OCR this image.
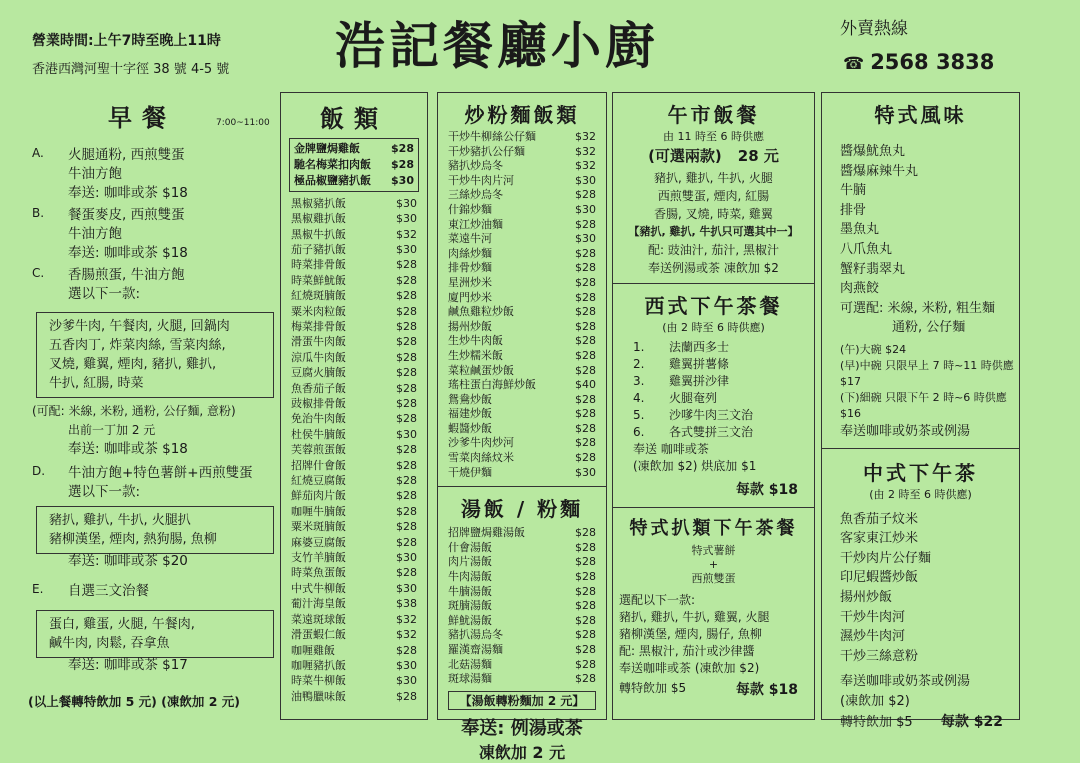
營業時間:上午7時至晚上11時
香港西灣河聖十字徑 38 號 4-5 號 浩記餐廳小廚	外賣熱線
☎ 2568 3838
早餐	7:00~11:00
A.	火腿通粉, 西煎雙蛋
牛油方飽
奉送: 咖啡或茶 $18
B.	餐蛋麥皮, 西煎雙蛋
牛油方飽
奉送: 咖啡或茶 $18
C.	香腸煎蛋, 牛油方飽
選以下一款:
沙爹牛肉, 午餐肉, 火腿, 回鍋肉
五香肉丁, 炸菜肉絲, 雪菜肉絲,
叉燒, 雞翼, 煙肉, 豬扒, 雞扒,
牛扒, 紅腸, 時菜
(可配: 米線, 米粉, 通粉, 公仔麵, 意粉)
出前一丁加 2 元
奉送: 咖啡或茶 $18
D.	牛油方飽+特色薯餅+西煎雙蛋
選以下一款:
豬扒, 雞扒, 牛扒, 火腿扒
豬柳漢堡, 煙肉, 熱狗腸, 魚柳
奉送: 咖啡或茶 $20
E.	自選三文治餐
蛋白, 雞蛋, 火腿, 午餐肉,
鹹牛肉, 肉鬆, 吞拿魚
奉送: 咖啡或茶 $17
(以上餐轉特飲加 5 元) (凍飲加 2 元)
飯類
金牌鹽焗雞飯	$28
馳名梅菜扣肉飯 $28
極品椒鹽豬扒飯 $30
黑椒豬扒飯	$30
黑椒雞扒飯	$30
黑椒牛扒飯	$32
茄子豬扒飯	$30
時菜排骨飯	$28
時菜鮮魷飯	$28
紅燒斑腩飯	$28
粟米肉粒飯	$28
梅菜排骨飯	$28
滑蛋牛肉飯	$28
涼瓜牛肉飯	$28
豆腐火腩飯	$28
魚香茄子飯	$28
豉椒排骨飯	$28
免治牛肉飯	$28
杜侯牛腩飯	$30
芙蓉煎蛋飯	$28
招牌什會飯	$28
紅燒豆腐飯	$28
鮮茄肉片飯	$28
咖喱牛腩飯	$28
粟米斑腩飯	$28
麻婆豆腐飯	$28
支竹羊腩飯	$30
時菜魚蛋飯	$28
中式牛柳飯	$30
葡汁海皇飯	$38
菜遠斑球飯	$32
滑蛋蝦仁飯	$32
咖喱雞飯	$28
咖喱豬扒飯	$30
時菜牛柳飯	$30
油鴨臘味飯	$28
炒粉麵飯類
干炒牛柳絲公仔麵	$32
干炒豬扒公仔麵	$32
豬扒炒烏冬	$32
干炒牛肉片河	$30
三絲炒烏冬	$28
什錦炒麵	$30
東江炒油麵	$28
菜遠牛河	$30
肉絲炒麵	$28
排骨炒麵	$28
星洲炒米	$28
廈門炒米	$28
鹹魚雞粒炒飯	$28
揚州炒飯	$28
生炒牛肉飯	$28
生炒糯米飯	$28
菜粒鹹蛋炒飯	$28
瑤柱蛋白海鮮炒飯	$40
鴛鴦炒飯	$28
福建炒飯	$28
蝦醬炒飯	$28
沙爹牛肉炒河	$28
雪菜肉絲炆米	$28
干燒伊麵	$30
湯飯 / 粉麵
招牌鹽焗雞湯飯	$28
什會湯飯	$28
肉片湯飯	$28
牛肉湯飯	$28
牛腩湯飯	$28
斑腩湯飯	$28
鮮魷湯飯	$28
豬扒湯烏冬	$28
羅漢齋湯麵	$28
北菇湯麵	$28
斑球湯麵	$28
【湯飯轉粉麵加 2 元】
奉送: 例湯或茶
凍飲加 2 元
午市飯餐
由 11 時至 6 時供應
(可選兩款) 28 元
豬扒, 雞扒, 牛扒, 火腿
西煎雙蛋, 煙肉, 紅腸
香腸, 叉燒, 時菜, 雞翼
【豬扒, 雞扒, 牛扒只可選其中一】
配: 豉油汁, 茄汁, 黑椒汁
奉送例湯或茶 凍飲加 $2
西式下午茶餐
(由 2 時至 6 時供應)
1. 法蘭西多士
2. 雞翼拼薯條
3. 雞翼拼沙律
4. 火腿奄列
5. 沙嗲牛肉三文治
6. 各式雙拼三文治
奉送 咖啡或茶
(凍飲加 $2) 烘底加 $1
每款 $18
特式扒類下午茶餐
特式薯餅
+
西煎雙蛋
選配以下一款:
豬扒, 雞扒, 牛扒, 雞翼, 火腿
豬柳漢堡, 煙肉, 腸仔, 魚柳
配: 黑椒汁, 茄汁或沙律醬
奉送咖啡或茶 (凍飲加 $2)
轉特飲加 $5	每款 $18
特式風味
醬爆魷魚丸
醬爆麻辣牛丸
牛腩
排骨
墨魚丸
八爪魚丸
蟹籽翡翠丸
肉燕餃
可選配: 米線, 米粉, 粗生麵
通粉, 公仔麵
(午)大碗 $24
(早)中碗 只限早上 7 時~11 時供應 $17
(下)細碗 只限下午 2 時~6 時供應 $16
奉送咖啡或奶茶或例湯
中式下午茶
(由 2 時至 6 時供應)
魚香茄子炆米
客家東江炒米
干炒肉片公仔麵
印尼蝦醬炒飯
揚州炒飯
干炒牛肉河
濕炒牛肉河
干炒三絲意粉
奉送咖啡或奶茶或例湯
(凍飲加 $2)
轉特飲加 $5 每款 $22
